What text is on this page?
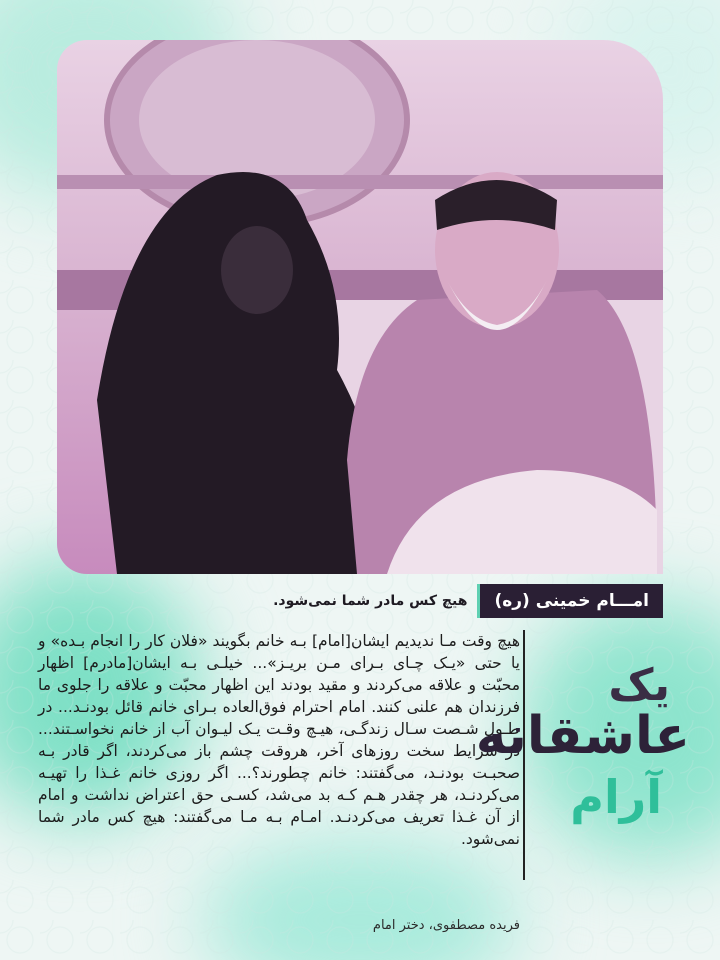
هیچ کس مادر شما نمی‌شود.	امـــام خمینی (ره)
هیچ وقت مـا ندیدیم ایشان[امام] بـه خانم بگویند «فلان کار را انجام بـده» و یا حتی «یـک چـای بـرای مـن بریـز»... خیلـی بـه ایشان[مادرم] اظهار محبّت و علاقه می‌کردند و مقید بودند این اظهار محبّت و علاقه را جلوی ما فرزندان هم علنی کنند. امام احترام فوق‌العاده بـرای خانم قائل بودنـد... در طـول شـصت سـال زندگـی، هیـچ وقـت یـک لیـوان آب از خانم نخواسـتند... در شرایط سخت روزهای آخر، هروقت چشم باز می‌کردند، اگر قادر بـه صحبـت بودنـد، می‌گفتند: خانم چطورند؟... اگر روزی خانم غـذا را تهیـه می‌کردنـد، هر چقدر هـم کـه بد می‌شد، کسـی حق اعتراض نداشت و امام از آن غـذا تعریف می‌کردنـد. امـام بـه مـا می‌گفتند: هیچ کس مادر شما نمی‌شود.
فریده مصطفوی، دختر امام
یک
عاشقانه
آرام
